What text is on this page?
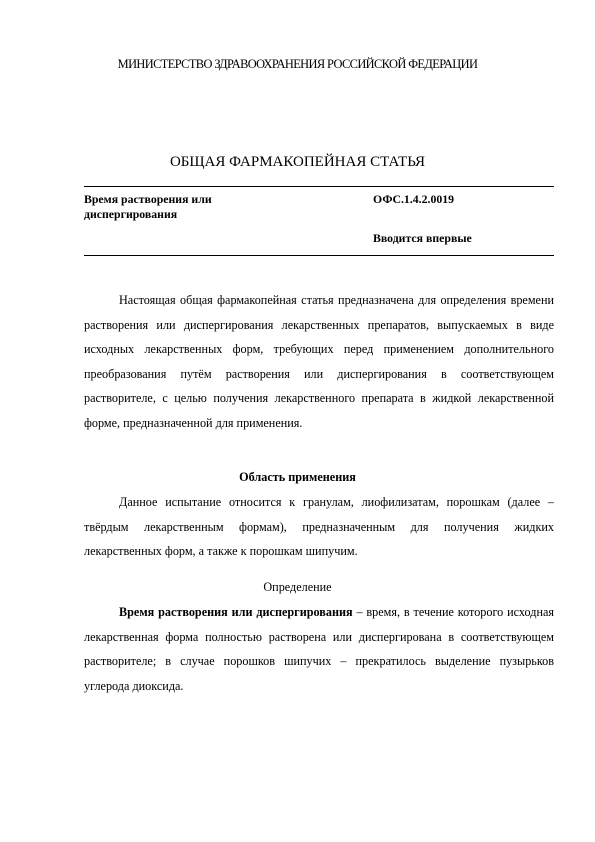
МИНИСТЕРСТВО ЗДРАВООХРАНЕНИЯ РОССИЙСКОЙ ФЕДЕРАЦИИ
ОБЩАЯ ФАРМАКОПЕЙНАЯ СТАТЬЯ
Время растворения или
диспергирования
ОФС.1.4.2.0019
Вводится впервые

Настоящая общая фармакопейная статья предназначена для определения времени растворения или диспергирования лекарственных препаратов, выпускаемых в виде исходных лекарственных форм, требующих перед применением дополнительного преобразования путём растворения или диспергирования в соответствующем растворителе, с целью получения лекарственного препарата в жидкой лекарственной форме, предназначенной для применения.

Область применения

Данное испытание относится к гранулам, лиофилизатам, порошкам (далее – твёрдым лекарственным формам), предназначенным для получения жидких лекарственных форм, а также к порошкам шипучим.

Определение

Время растворения или диспергирования – время, в течение которого исходная лекарственная форма полностью растворена или диспергирована в соответствующем растворителе; в случае порошков шипучих – прекратилось выделение пузырьков углерода диоксида.
